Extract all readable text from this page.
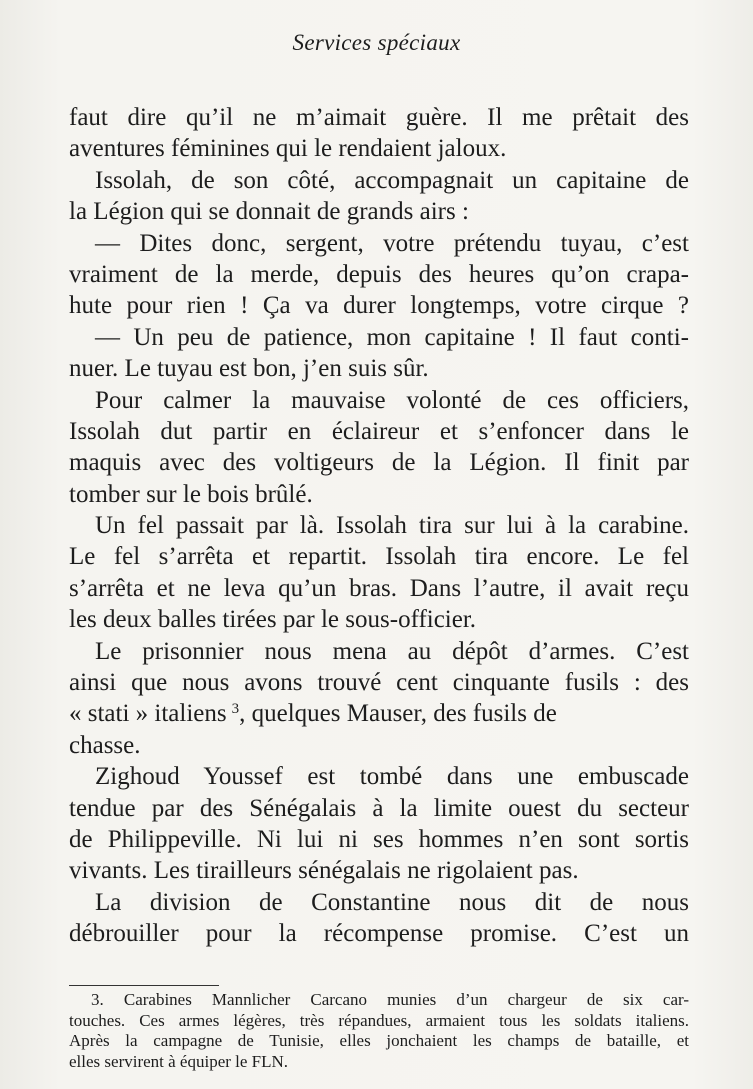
Services spéciaux
faut dire qu’il ne m’aimait guère. Il me prêtait des
aventures féminines qui le rendaient jaloux.
Issolah, de son côté, accompagnait un capitaine de
la Légion qui se donnait de grands airs :
— Dites donc, sergent, votre prétendu tuyau, c’est
vraiment de la merde, depuis des heures qu’on crapa-
hute pour rien ! Ça va durer longtemps, votre cirque ?
— Un peu de patience, mon capitaine ! Il faut conti-
nuer. Le tuyau est bon, j’en suis sûr.
Pour calmer la mauvaise volonté de ces officiers,
Issolah dut partir en éclaireur et s’enfoncer dans le
maquis avec des voltigeurs de la Légion. Il finit par
tomber sur le bois brûlé.
Un fel passait par là. Issolah tira sur lui à la carabine.
Le fel s’arrêta et repartit. Issolah tira encore. Le fel
s’arrêta et ne leva qu’un bras. Dans l’autre, il avait reçu
les deux balles tirées par le sous-officier.
Le prisonnier nous mena au dépôt d’armes. C’est
ainsi que nous avons trouvé cent cinquante fusils : des
« stati » italiens  $^3$, quelques Mauser, des fusils de
chasse.
Zighoud Youssef est tombé dans une embuscade
tendue par des Sénégalais à la limite ouest du secteur
de Philippeville. Ni lui ni ses hommes n’en sont sortis
vivants. Les tirailleurs sénégalais ne rigolaient pas.
La division de Constantine nous dit de nous
débrouiller pour la récompense promise. C’est un
3. Carabines Mannlicher Carcano munies d’un chargeur de six car-
touches. Ces armes légères, très répandues, armaient tous les soldats italiens.
Après la campagne de Tunisie, elles jonchaient les champs de bataille, et
elles servirent à équiper le FLN.
